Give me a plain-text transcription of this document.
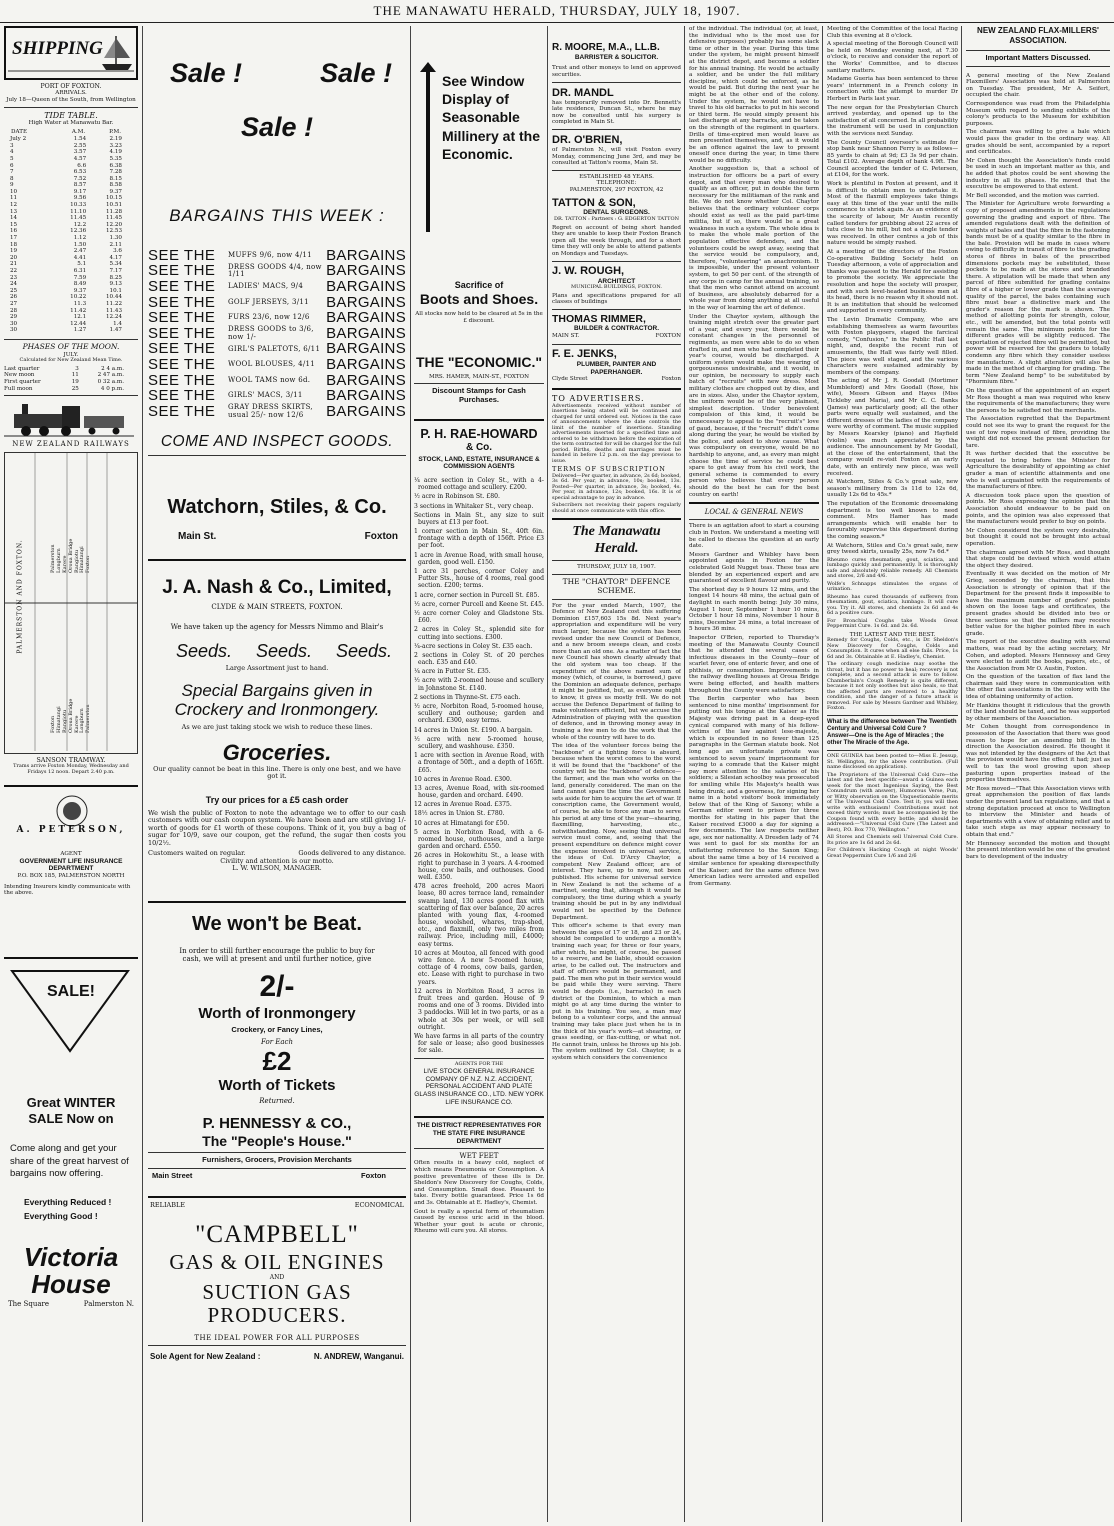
THE MANAWATU HERALD, THURSDAY, JULY 18, 1907.
SHIPPING
PORT OF FOXTON.
ARRIVALS.
July 18—Queen of the South, from Wellington
TIDE TABLE.
High Water at Manawatu Bar.
DATE	A.M.	P.M.
July 2	1.54	2.19
3	2.55	3.23
4	3.57	4.19
5	4.57	5.35
6	6.6	6.38
7	6.53	7.28
8	7.52	8.15
9	8.57	8.58
10	9.17	9.37
11	9.56	10.15
12	10.33	10.51
13	11.10	11.28
14	11.45	11.45
15	12.2	12.20
16	12.36	12.53
17	1.12	1.30
18	1.50	2.11
19	2.47	3.6
20	4.41	4.17
21	5.1	5.34
22	6.31	7.17
23	7.59	8.25
24	8.49	9.13
25	9.37	10.1
26	10.22	10.44
27	11.3	11.22
28	11.42	11.43
29	12.1	12.24
30	12.44	1.4
30	1.27	1.47
PHASES OF THE MOON.
JULY.
Calculated for New Zealand Mean Time.
Last quarter	3	2 4 a.m.
New moon	11	2 47 a.m.
First quarter	19	0 32 a.m.
Full moon	25	4 0 p.m.
NEW ZEALAND RAILWAYS
PALMERSTON AND FOXTON.	Palmerston Longburn Karere Oroua Bridge Rangiotu Himatangi Foxton
Foxton Himatangi Rangiotu Oroua Bridge Karere Longburn Palmerston
SANSON TRAMWAY.
Trams arrive Foxton Monday, Wednesday and Fridays 12 noon. Depart 2.40 p.m.
A. PETERSON,
AGENT
GOVERNMENT LIFE INSURANCE DEPARTMENT
P.O. BOX 185, PALMERSTON NORTH
Intending Insurers kindly communicate with the above.
SALE!
Great WINTER SALE Now on
Come along and get your share of the great harvest of bargains now offering.
Everything Reduced ! Everything Good !
Victoria House
The Square	Palmerston N.
Sale !	Sale !
Sale !
BARGAINS THIS WEEK :
SEE THE	MUFFS 9/6, now 4/11 BARGAINS
SEE THE	DRESS GOODS 4/4, now 1/11	BARGAINS
SEE THE	LADIES' MACS, 9/4	BARGAINS
SEE THE	GOLF JERSEYS, 3/11	BARGAINS
SEE THE	FURS 23/6, now 12/6	BARGAINS
SEE THE	DRESS GOODS to 3/6, now 1/-	BARGAINS
SEE THE	GIRL'S PALETOTS, 6/11 BARGAINS
SEE THE	WOOL BLOUSES, 4/11 BARGAINS
SEE THE	WOOL TAMS now 6d.	BARGAINS
SEE THE	GIRLS' MACS, 3/11	BARGAINS
SEE THE	GRAY DRESS SKIRTS, usual 25/- now 12/6	BARGAINS
COME AND INSPECT GOODS.
Watchorn, Stiles, & Co.
Main St.	Foxton
J. A. Nash & Co., Limited,
CLYDE & MAIN STREETS, FOXTON.
We have taken up the agency for Messrs Nimmo and Blair's
Seeds. Seeds. Seeds.
Large Assortment just to hand.
Special Bargains given in Crockery and Ironmongery.
As we are just taking stock we wish to reduce these lines.
Groceries.
Our quality cannot be beat in this line. There is only one best, and we have got it.
Try our prices for a £5 cash order

We wish the public of Foxton to note the advantage we to offer to our cash customers with our cash coupon system. We have been and are still giving 1/- worth of goods for £1 worth of these coupons. Think of it, you buy a bag of sugar for 10/9, save our coupon, get the refund, the sugar then costs you 10/2½.

Customers waited on regular.	Goods delivered to any distance.
Civility and attention is our motto.
L. W. WILSON, MANAGER.
We won't be Beat.
In order to still further encourage the public to buy for cash, we will at present and until further notice, give
2/-
Worth of Ironmongery
Crockery, or Fancy Lines,
For Each
£2
Worth of Tickets
Returned.
P. HENNESSY & CO.,
The "People's House."
Furnishers, Grocers, Provision Merchants
Main Street	Foxton
RELIABLE	ECONOMICAL
"CAMPBELL"
GAS & OIL ENGINES
AND
SUCTION GAS PRODUCERS.
THE IDEAL POWER FOR ALL PURPOSES
Sole Agent for New Zealand :	N. ANDREW, Wanganui.
See Window Display of Seasonable Millinery at the Economic.
Sacrifice of
Boots and Shoes.
All stocks now held to be cleared at 5s in the £ discount.
THE "ECONOMIC."
MRS. HAMER, MAIN-ST., FOXTON
Discount Stamps for Cash Purchases.
P. H. RAE-HOWARD
& Co.
STOCK, LAND, ESTATE, INSURANCE & COMMISSION AGENTS

¼ acre section in Coley St., with a 4-roomed cottage and scullery. £200.

½ acre in Robinson St. £80.

3 sections in Whitaker St., very cheap.

Sections in Main St., any size to suit buyers at £13 per foot.

1 corner section in Main St., 40ft 6in. frontage with a depth of 156ft. Price £3 per foot.

1 acre in Avenue Road, with small house, garden, good well. £150.

1 acre 31 perches, corner Coley and Futter Sts., house of 4 rooms, real good section. £200; terms.

1 acre, corner section in Purcell St. £85.

½ acre, corner Purcell and Keene St. £45.

½ acre corner Coley and Gladstone Sts. £60.

2 acres in Coley St., splendid site for cutting into sections. £300.

¼-acre sections in Coley St. £35 each.

2 sections in Coley St. of 20 perches each. £35 and £40.

¼ acre in Futter St. £35.

½ acre with 2-roomed house and scullery in Johnstone St. £140.

2 sections in Thynne-St. £75 each.

½ acre, Norbiton Road, 5-roomed house, scullery and outhouse; garden and orchard. £300, easy terms.

14 acres in Union St. £190. A bargain.

½ acre with new 5-roomed house, scullery, and washhouse. £350.

1 acre with section in Avenue Road, with a frontage of 50ft., and a depth of 165ft. £65.

10 acres in Avenue Road. £300.

13 acres, Avenue Road, with six-roomed house, garden and orchard. £490.

12 acres in Avenue Road. £375.

18½ acres in Union St. £780.

10 acres at Himatangi for £50.

5 acres in Norbiton Road, with a 6-roomed house, outhouses, and a large garden and orchard. £550.

26 acres in Hokowhitu St., a lease with right to purchase in 3 years. A 4-roomed house, cow bails, and outhouses. Good well. £350.

478 acres freehold, 200 acres Maori lease, 80 acres terrace land, remainder swamp land, 130 acres good flax with scattering of flax over balance, 20 acres planted with young flax, 4-roomed house, woolshed, whares, trap-shed, etc., and flaxmill, only two miles from railway. Price, including mill, £4000; easy terms.

10 acres at Moutoa, all fenced with good wire fence. A new 5-roomed house, cottage of 4 rooms, cow bails, garden, etc. Lease with right to purchase in two years.

12 acres in Norbiton Road, 3 acres in fruit trees and garden. House of 9 rooms and one of 3 rooms. Divided into 3 paddocks. Will let in two parts, or as a whole at 30s per week, or will sell outright.

We have farms in all parts of the country for sale or lease; also good businesses for sale.

AGENTS FOR THE
LIVE STOCK GENERAL INSURANCE COMPANY OF N.Z. N.Z. ACCIDENT, PERSONAL ACCIDENT AND PLATE GLASS INSURANCE CO., LTD. NEW YORK LIFE INSURANCE CO.
THE DISTRICT REPRESENTATIVES FOR THE STATE FIRE INSURANCE DEPARTMENT
WET FEET

Often results in a heavy cold, neglect of which means Pneumonia or Consumption. A positive preventative of these ills is Dr. Sheldon's New Discovery for Coughs, Colds, and Consumption. Small dose. Pleasant to take. Every bottle guaranteed. Price 1s 6d and 3s. Obtainable at E. Hadley's, Chemist.

Gout is really a special form of rheumatism caused by excess uric acid in the blood. Whether your gout is acute or chronic, Rheumo will cure you. All stores.

R. MOORE, M.A., LL.B.
BARRISTER & SOLICITOR.

Trust and other moneys to lend on approved securities.

DR. MANDL

has temporarily removed into Dr. Bennett's late residence, Duncan St., where he may now be consulted until his surgery is completed in Main St.

DR. O'BRIEN,

of Palmerston N., will visit Foxton every Monday, commencing June 3rd, and may be consulted at Tatton's rooms, Main St.

ESTABLISHED 48 YEARS.
TELEPHONE:
PALMERSTON, 297 FOXTON, 42
TATTON & SON,
DENTAL SURGEONS.
DR. TATTON : Partners : G. EDGERTON TATTON

Regret on account of being short handed they are unable to keep their Foxton Branch open all the week through, and for a short time they will only be able to attend patients on Mondays and Tuesdays.

J. W. ROUGH,
ARCHITECT
MUNICIPAL BUILDINGS, FOXTON.

Plans and specifications prepared for all classes of buildings

THOMAS RIMMER,
BUILDER & CONTRACTOR.
MAIN ST.	FOXTON
F. E. JENKS,
PLUMBER, PAINTER AND PAPERHANGER.
Clyde Street	Foxton
TO ADVERTISERS.

Advertisements received without number of insertions being stated will be continued and charged for until ordered out. Notices in the case of announcements where the date controls the limit of the number of insertions. Standing advertisements inserted for a specified time and ordered to be withdrawn before the expiration of the term contracted for will be charged for the full period. Births, deaths and marriages must be handed in before 12 p.m. on the day previous to issue.

TERMS OF SUBSCRIPTION

Delivered—Per quarter, in advance, 2s 6d; booked, 3s 6d. Per year, in advance, 10s; booked, 13s. Posted—Per quarter, in advance, 3s; booked, 4s. Per year, in advance, 12s; booked, 16s. It is of special advantage to pay in advance.

Subscribers not receiving their papers regularly should at once communicate with this office.

The Manawatu Herald.
THURSDAY, JULY 18, 1907.
THE "CHAYTOR" DEFENCE SCHEME.

For the year ended March, 1907, the Defence of New Zealand cost this suffering Dominion £157,603 15s 8d. Next year's appropriation and expenditure will be very much larger, because the system has been revised under the new Council of Defence, and a new broom sweeps clean, and costs more than an old one. As a matter of fact the new Council has shown clearly already that the old system was too cheap. If the expenditure of the above named sum of money (which, of course, is borrowed,) gave the Dominion an adequate defence, perhaps it might be justified, but, as everyone ought to know, it gives us mostly frill. We do not accuse the Defence Department of failing to make volunteers efficient, but we accuse the Administration of playing with the question of defence, and in throwing money away in training a few men to do the work that the whole of the country will have to do.

The idea of the volunteer forces being the "backbone" of a fighting force is absurd, because when the worst comes to the worst it will be found that the "backbone" of the country will be the "backbone" of defence—the farmer, and the man who works on the land, generally considered. The man on the land cannot spare the time the Government sets aside for him to acquire the art of war. If conscription came, the Government would, of course, be able to force any man to serve his period at any time of the year—shearing, flaxmilling, harvesting, etc., notwithstanding. Now, seeing that universal service must come, and, seeing that the present expenditure on defence might cover the expense involved in universal service, the ideas of Col. D'Arcy Chaytor, a competent New Zealand officer, are of interest. They have, up to now, not been published. His scheme for universal service in New Zealand is not the scheme of a martinet, seeing that, although it would be compulsory, the time during which a yearly training should be put in by any individual would not be specified by the Defence Department.

This officer's scheme is that every man between the ages of 17 or 18, and 23 or 24, should be compelled to undergo a month's training each year, for three or four years, after which, he might, of course, be passed to a reserve, and be liable, should occasion arise, to be called out. The instructors and staff of officers would be permanent, and paid. The men who put in their service would be paid while they were serving. There would be depots (i.e., barracks) in each district of the Dominion, to which a man might go at any time during the winter to put in his training. You see, a man may belong to a volunteer corps, and the annual training may take place just when he is in the thick of his year's work—at shearing, or grass seeding, or flax-cutting, or what not. He cannot train, unless he throws up his job. The system outlined by Col. Chaytor, is a system which considers the convenience

of the individual. The individual (or, at least, the individual who is the most use for defensive purposes) probably has some slack time or other in the year. During this time under the system, he might present himself at the district depot, and become a soldier for his annual training. He would be actually a soldier, and be under the full military discipline, which could be enforced, as he would be paid. But during the next year he might be at the other end of the colony. Under the system, he would not have to travel to his old barracks to put in his second or third term. He would simply present his last discharge at any barracks, and be taken on the strength of the regiment in quarters. Drills of time-expired men would leave as men presented themselves, and, as it would be an offence against the law to present oneself once during the year, in time there would be no difficulty.

Another suggestion is, that a school of instruction for officers be a part of every depot, and that every man who desired to qualify as an officer, put in double the term necessary for the militiaman of the rank and file. We do not know whether Col. Chaytor believes that the ordinary volunteer corps should exist as well as the paid part-time militia, but if so, there would be a great weakness in such a system. The whole idea is to make the whole male portion of the population effective defenders, and the volunteers could be swept away, seeing that the service would be compulsory, and, therefore, "volunteering" an anachronism. It is impossible, under the present volunteer system, to get 50 per cent. of the strength of any corps in camp for the annual training, so that the men who cannot attend on account of business, are absolutely debarred for a whole year from doing anything at all useful in the way of learning the art of defence.

Under the Chaytor system, although the training might stretch over the greater part of a year, and every year, there would be constant changes in the personnel of regiments, as men were able to do so when drafted in, and men who had completed their year's course, would be discharged. A uniform system would make the wearing of gorgeousness undesirable, and it would, in our opinion, be necessary to supply each batch of "recruits" with new dress. Most military clothes are chopped out by dies, and are in sizes. Also, under the Chaytor system, the uniform would be of the very plainest, simplest description. Under benevolent compulsion of this kind, it would be unnecessary to appeal to the "recruit's" love of gaud, because, if the "recruit" didn't come along during the year, he would be visited by the police, and asked to show cause. What was compulsory on everyone, would be no hardship to anyone, and, as every man might choose the time of service he could best spare to get away from his civil work, the general scheme is commended to every person who believes that every person should do the best he can for the best country on earth!

LOCAL & GENERAL NEWS

There is an agitation afoot to start a coursing club in Foxton. We understand a meeting will be called to discuss the question at an early date.

Messrs Gardner and Whibley have been appointed agents in Foxton for the celebrated Gold Nugget teas. These teas are blended by an experienced expert and are guaranteed of excellent flavour and purity.

The shortest day is 9 hours 12 mins, and the longest 14 hours 48 mins, the actual gain of daylight in each month being: July 30 mins, August 1 hour, September 1 hour 10 mins, October 1 hour 18 mins, November 1 hour 8 mins, December 24 mins, a total increase of 5 hours 36 mins.

Inspector O'Brien, reported to Thursday's meeting of the Manawatu County Council that he attended the several cases of infectious diseases in the County—four of scarlet fever, one of enteric fever, and one of phthisis, or consumption. Improvements in the railway dwelling houses at Oroua Bridge were being effected, and health matters throughout the County were satisfactory.

The Berlin carpenter who has been sentenced to nine months' imprisonment for putting out his tongue at the Kaiser as His Majesty was driving past in a deep-eyed cynical compared with many of his fellow-victims of the law against lese-majeste, which is expounded in no fewer than 125 paragraphs in the German statute book. Not long ago an unfortunate private was sentenced to seven years' imprisonment for saying to a comrade that the Kaiser might pay more attention to the salaries of his soldiers; a Silesian schoolboy was prosecuted for smiling while His Majesty's health was being drunk; and a governess, for signing her name in a hotel visitors' book immediately below that of the King of Saxony; while a German editor went to prison for three months for stating in his paper that the Kaiser received £3000 a day for signing a few documents. The law respects neither age, sex nor nationality. A Dresden lady of 74 was sent to gaol for six months for an unflattering reference to the Saxon King; about the same time a boy of 14 received a similar sentence for speaking disrespectfully of the Kaiser; and for the same offence two American ladies were arrested and expelled from Germany.

Meeting of the Committee of the local Racing Club this evening at 8 o'clock.

A special meeting of the Borough Council will be held on Monday evening next, at 7.30 o'clock, to receive and consider the report of the Works' Committee, and to discuss sanitary matters.

Madame Gueria has been sentenced to three years' internment in a French colony in connection with the attempt to murder Dr Herbert in Paris last year.

The new organ for the Presbyterian Church arrived yesterday, and opened up to the satisfaction of all concerned. In all probability the instrument will be used in conjunction with the services next Sunday.

The County Council overseer's estimate for stop bank near Shannon Ferry is as follows—85 yards to chain at 9d; £3 3s 9d per chain. Total £102. Average depth of bank 4.9ft. The Council accepted the tender of C. Petersen, at £104, for the work.

Work is plentiful in Foxton at present, and it is difficult to obtain men to undertake it. Most of the flaxmill employees take things easy at this time of the year until the mills commence to shriek again. As an evidence of the scarcity of labour, Mr Austin recently called tenders for grubbing about 22 acres of tutu close to his mill, but not a single tender was received. In other centres a job of this nature would be simply rushed.

At a meeting of the directors of the Foxton Co-operative Building Society held on Tuesday afternoon, a vote of appreciation and thanks was passed to the Herald for assisting to promote the society. We appreciate the resolution and hope the society will prosper, and with such level-headed business men at its head, there is no reason why it should not. It is an institution that should be welcomed and supported in every community.

The Levin Dramatic Company, who are establishing themselves as warm favourites with Foxton playgoers, staged the farcical comedy, "Confusion," in the Public Hall last night, and, despite the recent run of amusements, the Hall was fairly well filled. The piece was well staged, and the various characters were sustained admirably by members of the company.

The acting of Mr J. R. Goodall (Mortimer Mumbleford) and Mrs Goodall (Rose, his wife), Messrs Gibson and Hayes (Miss Tickleby and Maria), and Mr C. C. Banks (James) was particularly good; all the other parts were equally well sustained, and the different dresses of the ladies of the company were worthy of comment. The music supplied by Messrs Kearsley (piano) and Hayfield (violin) was much appreciated by the audience. The announcement by Mr Goodall, at the close of the entertainment, that the company would re-visit Foxton at an early date, with an entirely new piece, was well received.

At Watchorn, Stiles & Co.'s great sale, new season's millinery from 3s 11d to 12s 6d, usually 12s 6d to 45s.*

The reputation of the Economic dressmaking department is too well known to need comment. Mrs Hamer has made arrangements which will enable her to favourably supervise this department during the coming season.*

At Watchorn, Stiles and Co.'s great sale, new grey tweed skirts, usually 25s, now 7s 6d.*

Rheumo cures rheumatism, gout, sciatica, and lumbago quickly and permanently. It is thoroughly safe and absolutely reliable remedy. All Chemists and stores, 2/6 and 4/6.

Wolfe's Schnapps stimulates the organs of urination.

Rheumo has cured thousands of sufferers from rheumatism, gout, sciatica, lumbago. It will cure you. Try it. All stores, and chemists 2s 6d and 4s 6d a positive cure.

For Bronchial Coughs take Woods Great Peppermint Cure. 1s 6d. and 2s. 6d.

THE LATEST AND THE BEST.

Remedy for Coughs, Colds, etc., is Dr. Sheldon's New Discovery for Coughs, Colds and Consumption. It cures when all else fails. Price, 1s 6d and 3s. Obtainable at E. Hadley's, Chemist.

The ordinary cough medicine may soothe the throat, but it has no power to heal; recovery is not complete, and a second attack is sure to follow. Chamberlain's Cough Remedy is quite different, because it not only soothes but also heals, so that the affected parts are restored to a healthy condition, and the danger of a future attack is removed. For sale by Messrs Gardner and Whibley, Foxton.

What is the difference between The Twentieth Century and Universal Cold Cure ?
Answer—One is the Age of Miracles ; the other The Miracle of the Age.

ONE GUINEA has been posted to—Miss E. Jessup, St. Wellington, for the above contribution. (Full name disclosed on application).

The Proprietors of the Universal Cold Cure—the latest and the best specific—award a Guinea each week for the most Ingenious Saying, the Best Conundrum (with answer), Humorous Verse, Pun, or Witty observation on the Unquestionable merits of The Universal Cold Cure. Test it; you will then write with enthusiasm! Contributions must not exceed thirty words; must be accompanied by the Coupon found with every bottle; and should be addressed:—"Universal Cold Cure (The Latest and Best), P.O. Box 770, Wellington."

All Stores and Chemists sell Universal Cold Cure. Its price are 1s 6d and 2s 6d.

For Children's Hacking Cough at night Woods' Great Peppermint Cure 1/6 and 2/6

NEW ZEALAND FLAX-MILLERS' ASSOCIATION.
Important Matters Discussed.

A general meeting of the New Zealand Flaxmillers' Association was held at Palmerston on Tuesday. The president, Mr A. Seifert, occupied the chair.

Correspondence was read from the Philadelphia Museum with regard to sending exhibits of the colony's products to the Museum for exhibition purposes.

The chairman was willing to give a bale which would pass the grader in the ordinary way. All grades should be sent, accompanied by a report and certificates.

Mr Cohen thought the Association's funds could be used in such an important matter as this, and he added that photos could be sent showing the industry in all its phases. He moved that the executive be empowered to that extent.

Mr Bell seconded, and the motion was carried.

The Minister for Agriculture wrote forwarding a copy of proposed amendments in the regulations governing the grading and export of fibre. The amended regulations dealt with the definition of weights of bales and that the fibre in the fastening bands must be of a quality similar to the fibre in the bale. Provision will be made in cases where owing to difficulty in transit of fibre to the grading stores of fibres in bales of the prescribed dimensions pockets may be substituted, these pockets to be made at the stores and branded there. A stipulation will be made that when any parcel of fibre submitted for grading contains fibre of a higher or lower grade than the average quality of the parcel, the bales containing such fibre must bear a distinctive mark and the grader's reason for the mark is shown. The method of allotting points for strength, colour, etc., will be amended, but the total points will remain the same. The minimum points for the different grades will be slightly reduced. The exportation of rejected fibre will be permitted, but power will be reserved for the graders to totally condemn any fibre which they consider useless for manufacture. A slight alteration will also be made in the method of charging for grading. The term "New Zealand hemp" to be substituted by "Phormium fibre."

On the question of the appointment of an expert Mr Ross thought a man was required who knew the requirements of the manufacturers; they were the persons to be satisfied not the merchants.

The Association regretted that the Department could not see its way to grant the request for the use of tow ropes instead of fibre, providing the weight did not exceed the present deduction for tare.

It was further decided that the executive be requested to bring before the Minister for Agriculture the desirability of appointing as chief grader a man of scientific attainments and one who is well acquainted with the requirements of the manufacturers of fibre.

A discussion took place upon the question of points. Mr Ross expressing the opinion that the Association should endeavour to be paid on points, and the opinion was also expressed that the manufacturers would prefer to buy on points.

Mr Cohen considered the system very desirable, but thought it could not be brought into actual operation.

The chairman agreed with Mr Ross, and thought that steps could be devised which would attain the object they desired.

Eventually it was decided on the motion of Mr Grieg, seconded by the chairman, that this Association is strongly of opinion that if the Department for the present finds it impossible to have the maximum number of graders' points shown on the loose tags and certificates, the present grades should be divided into two or three sections so that the millers may receive better value for the higher pointed fibre in each grade.

The report of the executive dealing with several matters, was read by the acting secretary, Mr Cohen, and adopted. Messrs Hennessy and Grey were elected to audit the books, papers, etc., of the Association from Mr O. Austin, Foxton.

On the question of the taxation of flax land the chairman said they were in communication with the other flax associations in the colony with the idea of obtaining uniformity of action.

Mr Hankins thought it ridiculous that the growth of the land should be taxed, and he was supported by other members of the Association.

Mr Cohen thought from correspondence in possession of the Association that there was good reason to hope for an amending bill in the direction the Association desired. He thought it was not intended by the designers of the Act that the provision would have the effect it had; just as well to tax the wool growing upon sheep pasturing upon properties instead of the properties themselves.

Mr Ross moved—"That this Association views with great apprehension the position of flax lands under the present land tax regulations, and that a strong deputation proceed at once to Wellington to interview the Minister and heads of departments with a view of obtaining relief and to take such steps as may appear necessary to obtain that end."

Mr Hennessy seconded the motion and thought the present intention would be one of the greatest bars to development of the industry
